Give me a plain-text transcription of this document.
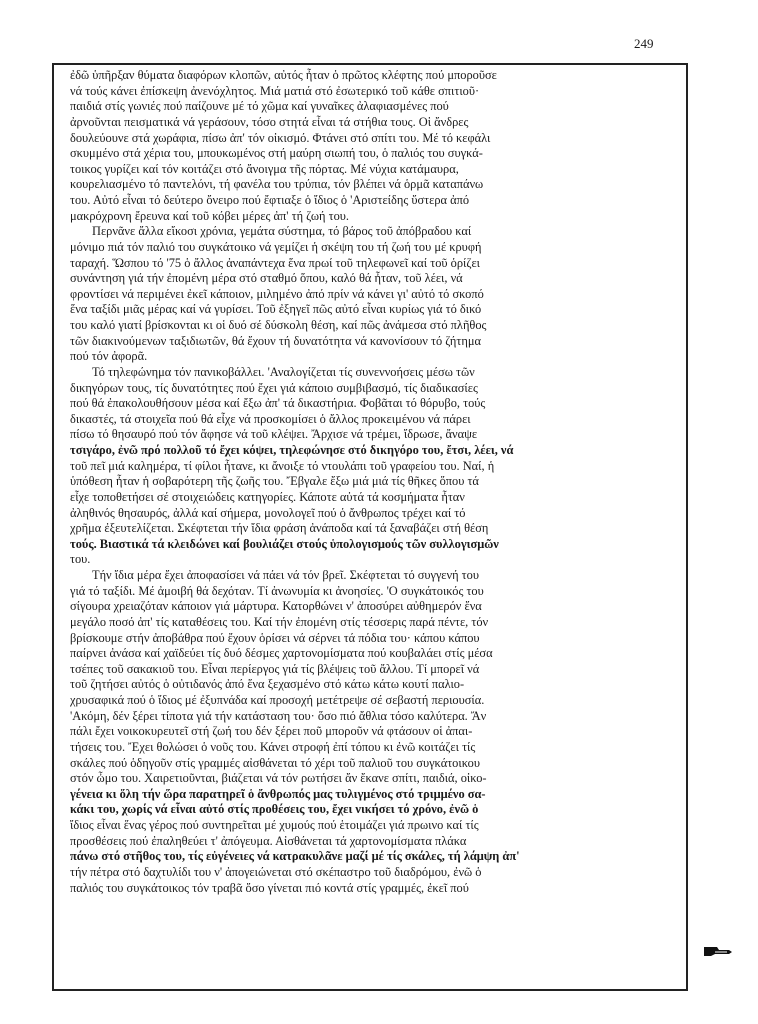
249
ἐδῶ ὑπῆρξαν θύματα διαφόρων κλοπῶν, αὐτός ἦταν ὁ πρῶτος κλέφτης πού μποροῦσε
νά τούς κάνει ἐπίσκεψη ἀνενόχλητος. Μιά ματιά στό ἐσωτερικό τοῦ κάθε σπιτιοῦ·
παιδιά στίς γωνιές πού παίζουνε μέ τό χῶμα καί γυναῖκες ἀλαφιασμένες πού
ἀρνοῦνται πεισματικά νά γεράσουν, τόσο στητά εἶναι τά στήθια τους. Οἱ ἄνδρες
δουλεύουνε στά χωράφια, πίσω ἀπ' τόν οἰκισμό. Φτάνει στό σπίτι του. Μέ τό κεφάλι
σκυμμένο στά χέρια του, μπουκωμένος στή μαύρη σιωπή του, ὁ παλιός του συγκά-
τοικος γυρίζει καί τόν κοιτάζει στό ἄνοιγμα τῆς πόρτας. Μέ νύχια κατάμαυρα,
κουρελιασμένο τό παντελόνι, τή φανέλα του τρύπια, τόν βλέπει νά ὁρμᾶ καταπάνω
του. Αὐτό εἶναι τό δεύτερο ὄνειρο πού ἔφτιαξε ὁ ἴδιος ὁ 'Αριστείδης ὕστερα ἀπό
μακρόχρονη ἔρευνα καί τοῦ κόβει μέρες ἀπ' τή ζωή του.
Περνᾶνε ἄλλα εἴκοσι χρόνια, γεμάτα σύστημα, τό βάρος τοῦ ἀπόβραδου καί
μόνιμο πιά τόν παλιό του συγκάτοικο νά γεμίζει ἡ σκέψη του τή ζωή του μέ κρυφή
ταραχή. Ὥσπου τό '75 ὁ ἄλλος ἀναπάντεχα ἕνα πρωί τοῦ τηλεφωνεῖ καί τοῦ ὁρίζει
συνάντηση γιά τήν ἐπομένη μέρα στό σταθμό ὅπου, καλό θά ἦταν, τοῦ λέει, νά
φροντίσει νά περιμένει ἐκεῖ κάποιον, μιλημένο ἀπό πρίν νά κάνει γι' αὐτό τό σκοπό
ἕνα ταξίδι μιᾶς μέρας καί νά γυρίσει. Τοῦ ἐξηγεῖ πῶς αὐτό εἶναι κυρίως γιά τό δικό
του καλό γιατί βρίσκονται κι οἱ δυό σέ δύσκολη θέση, καί πῶς ἀνάμεσα στό πλῆθος
τῶν διακινούμενων ταξιδιωτῶν, θά ἔχουν τή δυνατότητα νά κανονίσουν τό ζήτημα
πού τόν ἀφορᾶ.
Τό τηλεφώνημα τόν πανικοβάλλει. 'Αναλογίζεται τίς συνεννοήσεις μέσω τῶν
δικηγόρων τους, τίς δυνατότητες πού ἔχει γιά κάποιο συμβιβασμό, τίς διαδικασίες
πού θά ἐπακολουθήσουν μέσα καί ἔξω ἀπ' τά δικαστήρια. Φοβᾶται τό θόρυβο, τούς
δικαστές, τά στοιχεῖα πού θά εἶχε νά προσκομίσει ὁ ἄλλος προκειμένου νά πάρει
πίσω τό θησαυρό πού τόν ἄφησε νά τοῦ κλέψει. Ἄρχισε νά τρέμει, ἴδρωσε, ἄναψε
τσιγάρο, ἐνῶ πρό πολλοῦ τό ἔχει κόψει, τηλεφώνησε στό δικηγόρο του, ἔτσι, λέει, νά
τοῦ πεῖ μιά καλημέρα, τί φίλοι ἦτανε, κι ἄνοιξε τό ντουλάπι τοῦ γραφείου του. Ναί, ἡ
ὑπόθεση ἦταν ἡ σοβαρότερη τῆς ζωῆς του. Ἔβγαλε ἔξω μιά μιά τίς θῆκες ὅπου τά
εἶχε τοποθετήσει σέ στοιχειώδεις κατηγορίες. Κάποτε αὐτά τά κοσμήματα ἦταν
ἀληθινός θησαυρός, ἀλλά καί σήμερα, μονολογεῖ πού ὁ ἄνθρωπος τρέχει καί τό
χρῆμα ἐξευτελίζεται. Σκέφτεται τήν ἴδια φράση ἀνάποδα καί τά ξαναβάζει στή θέση
τούς. Βιαστικά τά κλειδώνει καί βουλιάζει στούς ὑπολογισμούς τῶν συλλογισμῶν
του.
Τήν ἴδια μέρα ἔχει ἀποφασίσει νά πάει νά τόν βρεῖ. Σκέφτεται τό συγγενή του
γιά τό ταξίδι. Μέ ἀμοιβή θά δεχόταν. Τί ἀνωνυμία κι ἀνοησίες. 'Ο συγκάτοικός του
σίγουρα χρειαζόταν κάποιον γιά μάρτυρα. Κατορθώνει ν' ἀποσύρει αὐθημερόν ἕνα
μεγάλο ποσό ἀπ' τίς καταθέσεις του. Καί τήν ἐπομένη στίς τέσσερις παρά πέντε, τόν
βρίσκουμε στήν ἀποβάθρα πού ἔχουν ὁρίσει νά σέρνει τά πόδια του· κάπου κάπου
παίρνει ἀνάσα καί χαϊδεύει τίς δυό δέσμες χαρτονομίσματα πού κουβαλάει στίς μέσα
τσέπες τοῦ σακακιοῦ του. Εἶναι περίεργος γιά τίς βλέψεις τοῦ ἄλλου. Τί μπορεῖ νά
τοῦ ζητήσει αὐτός ὁ οὐτιδανός ἀπό ἕνα ξεχασμένο στό κάτω κάτω κουτί παλιο-
χρυσαφικά πού ὁ ἴδιος μέ ἐξυπνάδα καί προσοχή μετέτρεψε σέ σεβαστή περιουσία.
'Ακόμη, δέν ξέρει τίποτα γιά τήν κατάσταση του· ὅσο πιό ἄθλια τόσο καλύτερα. Ἄν
πάλι ἔχει νοικοκυρευτεῖ στή ζωή του δέν ξέρει ποῦ μποροῦν νά φτάσουν οἱ ἀπαι-
τήσεις του. Ἔχει θολώσει ὁ νοῦς του. Κάνει στροφή ἐπί τόπου κι ἐνῶ κοιτάζει τίς
σκάλες πού ὁδηγοῦν στίς γραμμές αἰσθάνεται τό χέρι τοῦ παλιοῦ του συγκάτοικου
στόν ὦμο του. Χαιρετιοῦνται, βιάζεται νά τόν ρωτήσει ἄν ἔκανε σπίτι, παιδιά, οἰκο-
γένεια κι ὅλη τήν ὥρα παρατηρεῖ ὁ ἄνθρωπός μας τυλιγμένος στό τριμμένο σα-
κάκι του, χωρίς νά εἶναι αὐτό στίς προθέσεις του, ἔχει νικήσει τό χρόνο, ἐνῶ ὁ
ἴδιος εἶναι ἕνας γέρος πού συντηρεῖται μέ χυμούς πού ἑτοιμάζει γιά πρωινο καί τίς
προσθέσεις πού ἐπαληθεύει τ' ἀπόγευμα. Αἰσθάνεται τά χαρτονομίσματα πλάκα
πάνω στό στῆθος του, τίς εὐγένειες νά κατρακυλᾶνε μαζί μέ τίς σκάλες, τή λάμψη ἀπ'
τήν πέτρα στό δαχτυλίδι του ν' ἀπογειώνεται στό σκέπαστρο τοῦ διαδρόμου, ἐνῶ ὁ
παλιός του συγκάτοικος τόν τραβᾶ ὅσο γίνεται πιό κοντά στίς γραμμές, ἐκεῖ πού
